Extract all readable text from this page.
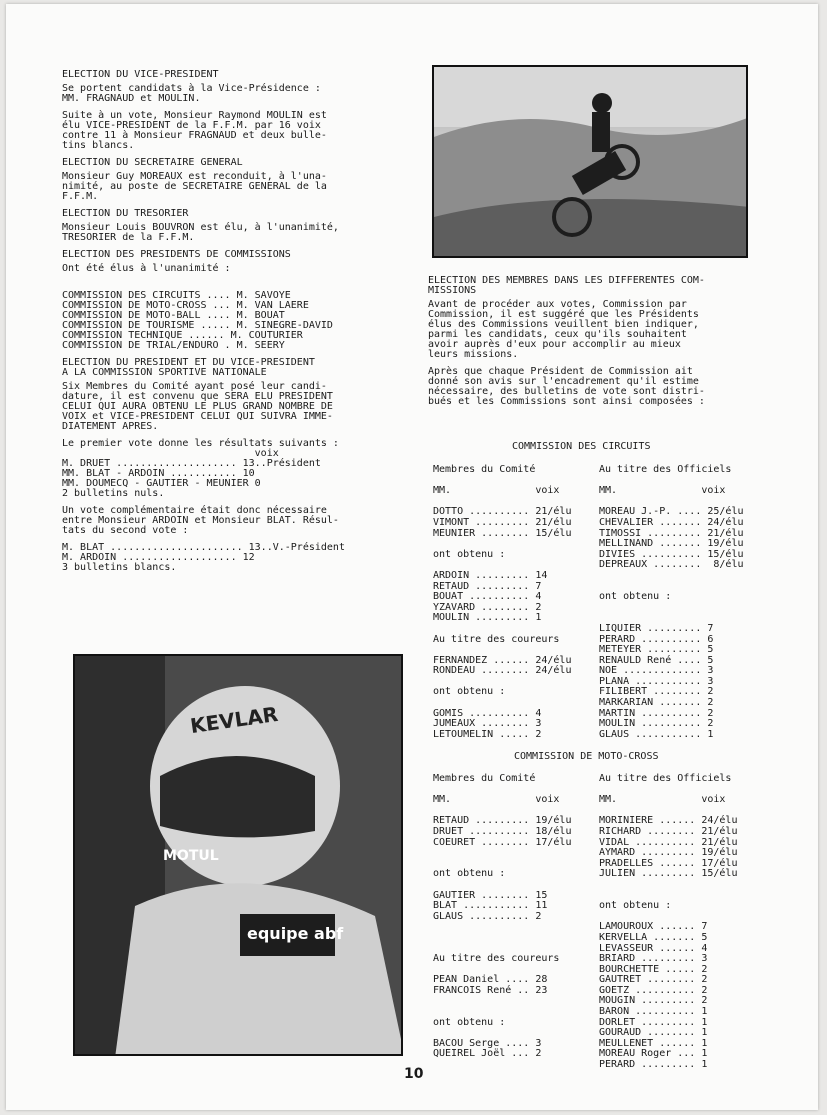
ELECTION DU VICE-PRESIDENT
Se portent candidats à la Vice-Présidence :
MM. FRAGNAUD et MOULIN.
Suite à un vote, Monsieur Raymond MOULIN est
élu VICE-PRESIDENT de la F.F.M. par 16 voix
contre 11 à Monsieur FRAGNAUD et deux bulle-
tins blancs.
ELECTION DU SECRETAIRE GENERAL
Monsieur Guy MOREAUX est reconduit, à l'una-
nimité, au poste de SECRETAIRE GENERAL de la
F.F.M.
ELECTION DU TRESORIER
Monsieur Louis BOUVRON est élu, à l'unanimité,
TRESORIER de la F.F.M.
ELECTION DES PRESIDENTS DE COMMISSIONS
Ont été élus à l'unanimité :

COMMISSION DES CIRCUITS .... M. SAVOYE
COMMISSION DE MOTO-CROSS ... M. VAN LAERE
COMMISSION DE MOTO-BALL .... M. BOUAT
COMMISSION DE TOURISME ..... M. SINEGRE-DAVID
COMMISSION TECHNIQUE ...... M. COUTURIER
COMMISSION DE TRIAL/ENDURO . M. SEERY
ELECTION DU PRESIDENT ET DU VICE-PRESIDENT
A LA COMMISSION SPORTIVE NATIONALE
Six Membres du Comité ayant posé leur candi-
dature, il est convenu que SERA ELU PRESIDENT
CELUI QUI AURA OBTENU LE PLUS GRAND NOMBRE DE
VOIX et VICE-PRESIDENT CELUI QUI SUIVRA IMME-
DIATEMENT APRES.
Le premier vote donne les résultats suivants :
voix
M. DRUET .................... 13..Président
MM. BLAT - ARDOIN ........... 10
MM. DOUMECQ - GAUTIER - MEUNIER 0
2 bulletins nuls.
Un vote complémentaire était donc nécessaire
entre Monsieur ARDOIN et Monsieur BLAT. Résul-
tats du second vote :
M. BLAT ...................... 13..V.-Président
M. ARDOIN ................... 12
3 bulletins blancs.
ELECTION DES MEMBRES DANS LES DIFFERENTES COM-
MISSIONS
Avant de procéder aux votes, Commission par
Commission, il est suggéré que les Présidents
élus des Commissions veuillent bien indiquer,
parmi les candidats, ceux qu'ils souhaitent
avoir auprès d'eux pour accomplir au mieux
leurs missions.
Après que chaque Président de Commission ait
donné son avis sur l'encadrement qu'il estime
nécessaire, des bulletins de vote sont distri-
bués et les Commissions sont ainsi composées :
KEVLAR
MOTUL
equipe abf
COMMISSION DES CIRCUITS
Membres du Comité

MM.              voix

DOTTO .......... 21/élu
VIMONT ......... 21/élu
MEUNIER ........ 15/élu

ont obtenu :

ARDOIN ......... 14
RETAUD ......... 7
BOUAT .......... 4
YZAVARD ........ 2
MOULIN ......... 1

Au titre des coureurs

FERNANDEZ ...... 24/élu
RONDEAU ........ 24/élu

ont obtenu :

GOMIS .......... 4
JUMEAUX ........ 3
LETOUMELIN ..... 2
Au titre des Officiels

MM.              voix

MOREAU J.-P. .... 25/élu
CHEVALIER ....... 24/élu
TIMOSSI ......... 21/élu
MELLINAND ....... 19/élu
DIVIES .......... 15/élu
DEPREAUX ........  8/élu

ont obtenu :

LIQUIER ......... 7
PERARD .......... 6
METEYER ......... 5
RENAULD René .... 5
NOE ............. 3
PLANA ........... 3
FILIBERT ........ 2
MARKARIAN ....... 2
MARTIN .......... 2
MOULIN .......... 2
GLAUS ........... 1
COMMISSION DE MOTO-CROSS
Membres du Comité

MM.              voix

RETAUD ......... 19/élu
DRUET .......... 18/élu
COEURET ........ 17/élu

ont obtenu :

GAUTIER ........ 15
BLAT ........... 11
GLAUS .......... 2

Au titre des coureurs

PEAN Daniel .... 28
FRANCOIS René .. 23

ont obtenu :

BACOU Serge .... 3
QUEIREL Joël ... 2
Au titre des Officiels

MM.              voix

MORINIERE ...... 24/élu
RICHARD ........ 21/élu
VIDAL .......... 21/élu
AYMARD ......... 19/élu
PRADELLES ...... 17/élu
JULIEN ......... 15/élu

ont obtenu :

LAMOUROUX ...... 7
KERVELLA ....... 5
LEVASSEUR ...... 4
BRIARD ......... 3
BOURCHETTE ..... 2
GAUTRET ........ 2
GOETZ .......... 2
MOUGIN ......... 2
BARON .......... 1
DORLET ......... 1
GOURAUD ........ 1
MEULLENET ...... 1
MOREAU Roger ... 1
PERARD ......... 1
10
